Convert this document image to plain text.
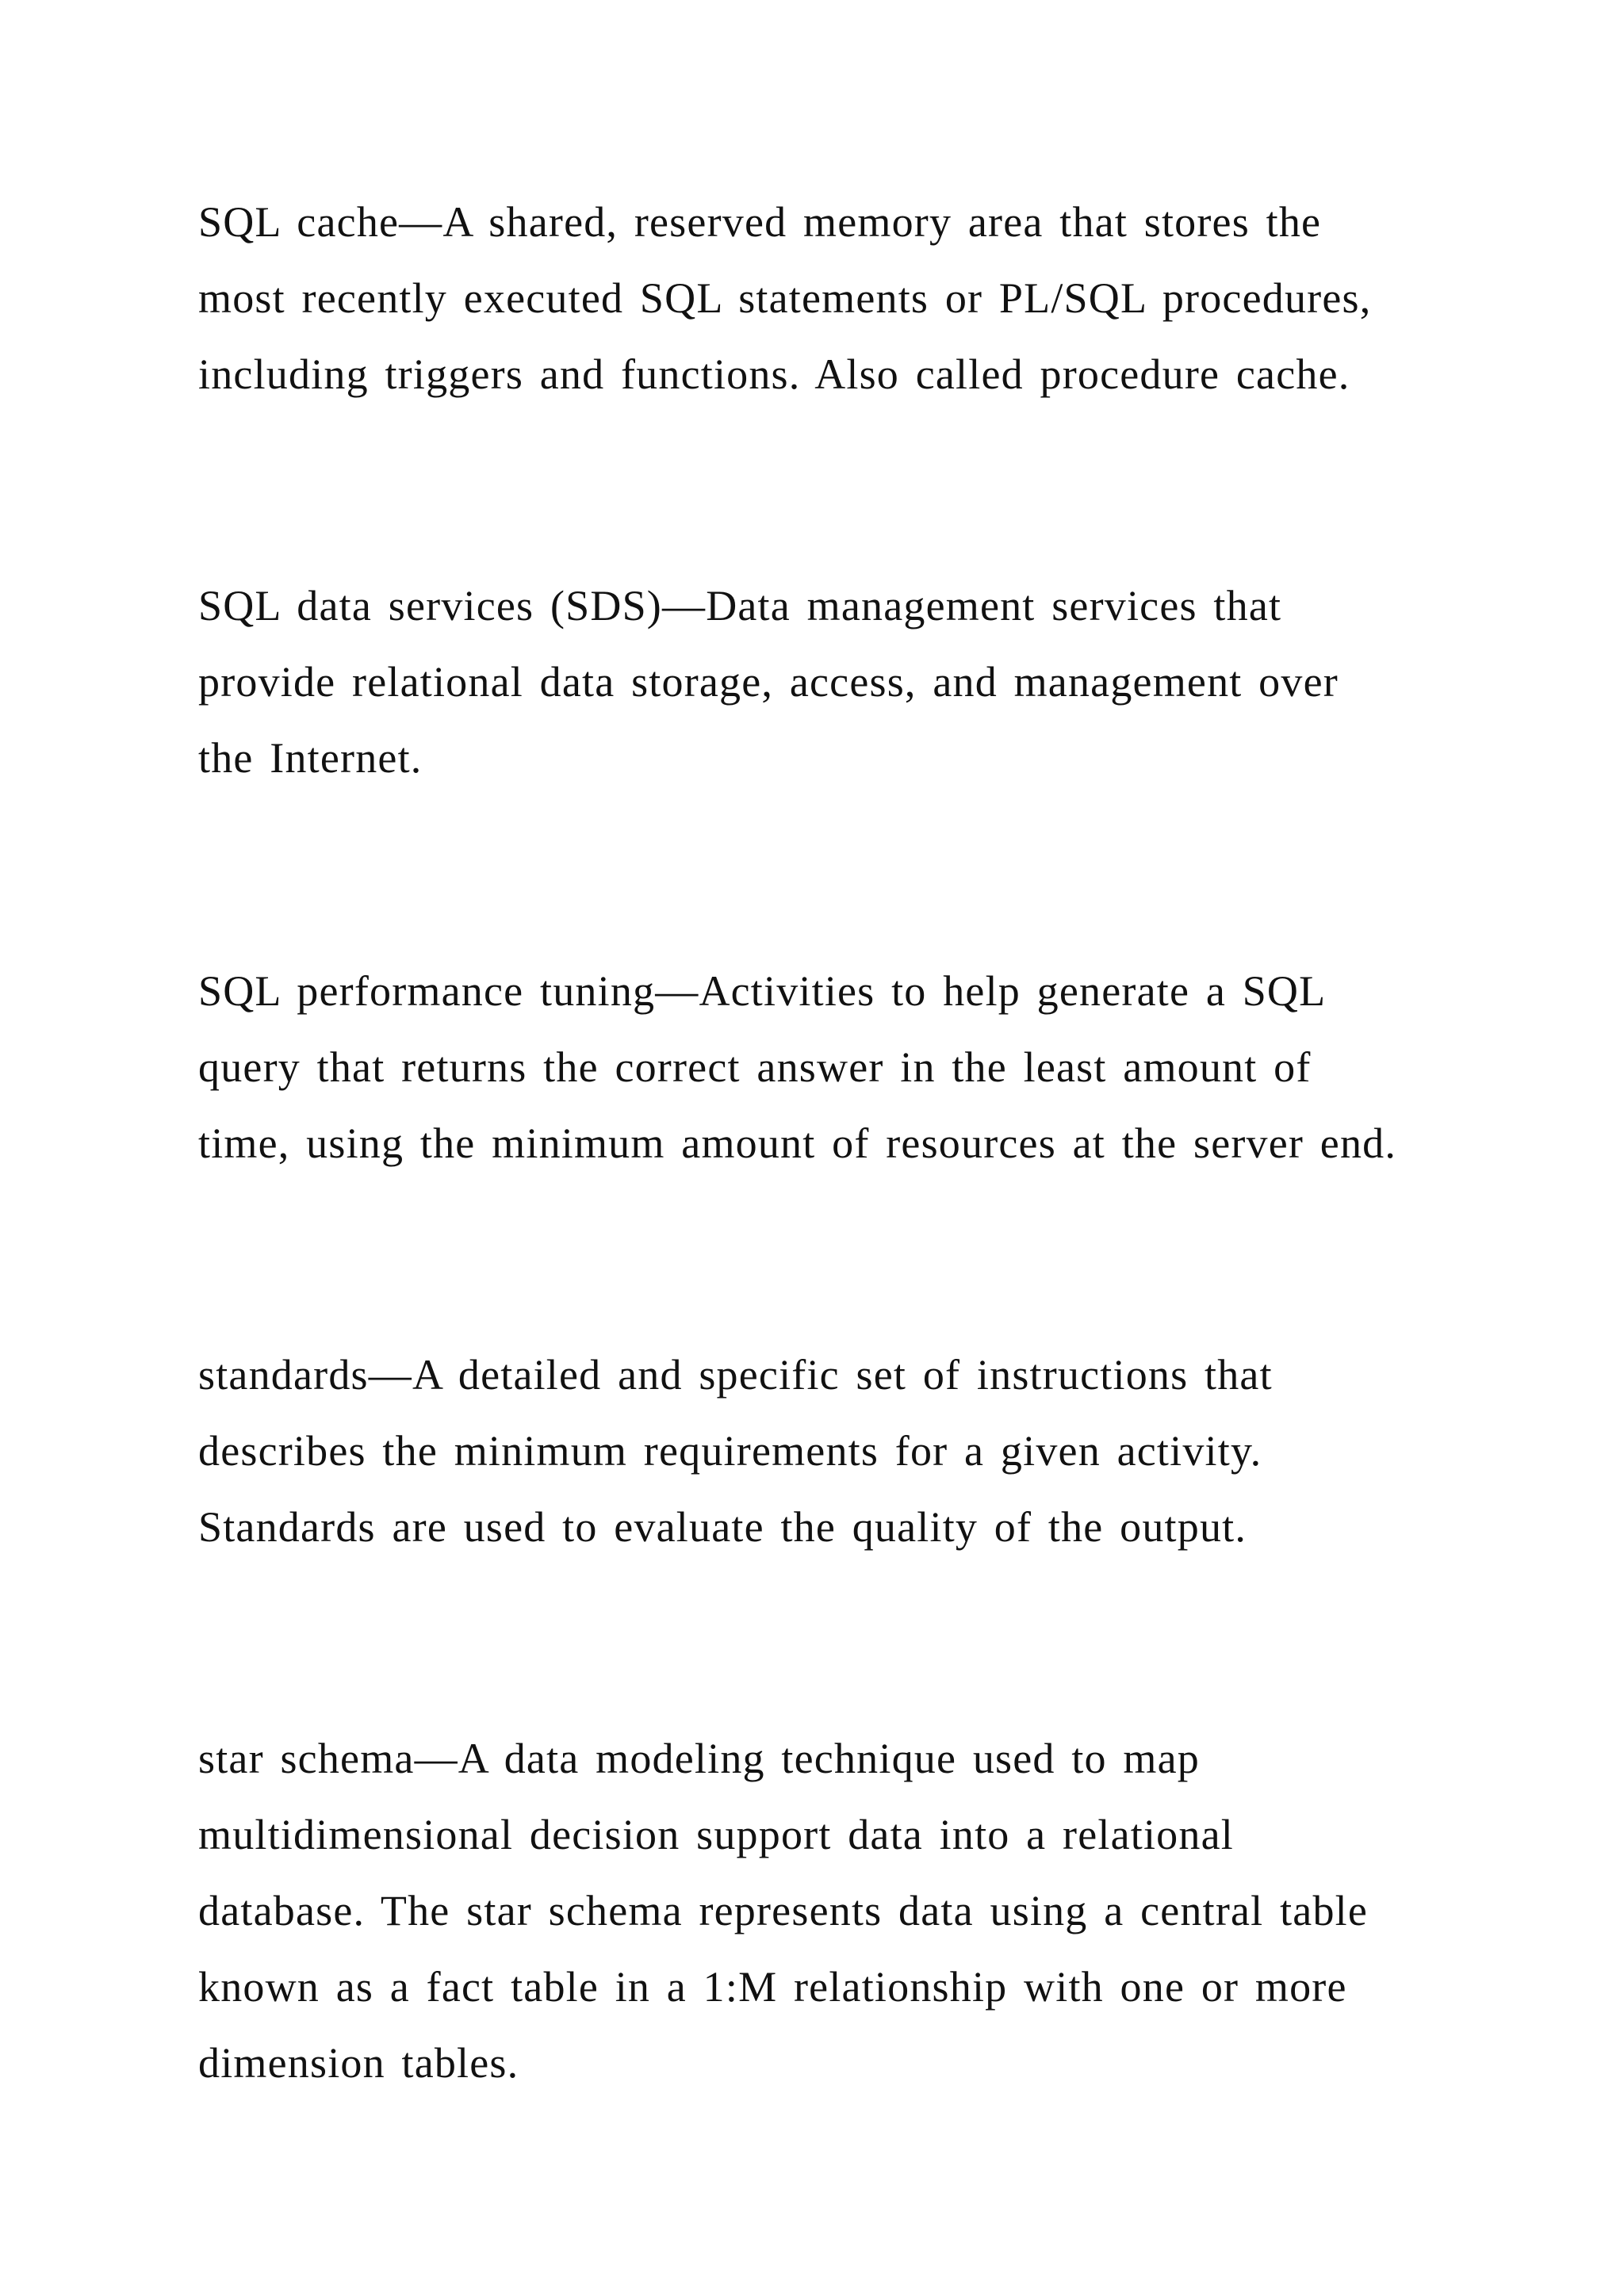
SQL cache—A shared, reserved memory area that stores the
most recently executed SQL statements or PL/SQL procedures,
including triggers and functions. Also called procedure cache.
SQL data services (SDS)—Data management services that
provide relational data storage, access, and management over
the Internet.
SQL performance tuning—Activities to help generate a SQL
query that returns the correct answer in the least amount of
time, using the minimum amount of resources at the server end.
standards—A detailed and specific set of instructions that
describes the minimum requirements for a given activity.
Standards are used to evaluate the quality of the output.
star schema—A data modeling technique used to map
multidimensional decision support data into a relational
database. The star schema represents data using a central table
known as a fact table in a 1:M relationship with one or more
dimension tables.
